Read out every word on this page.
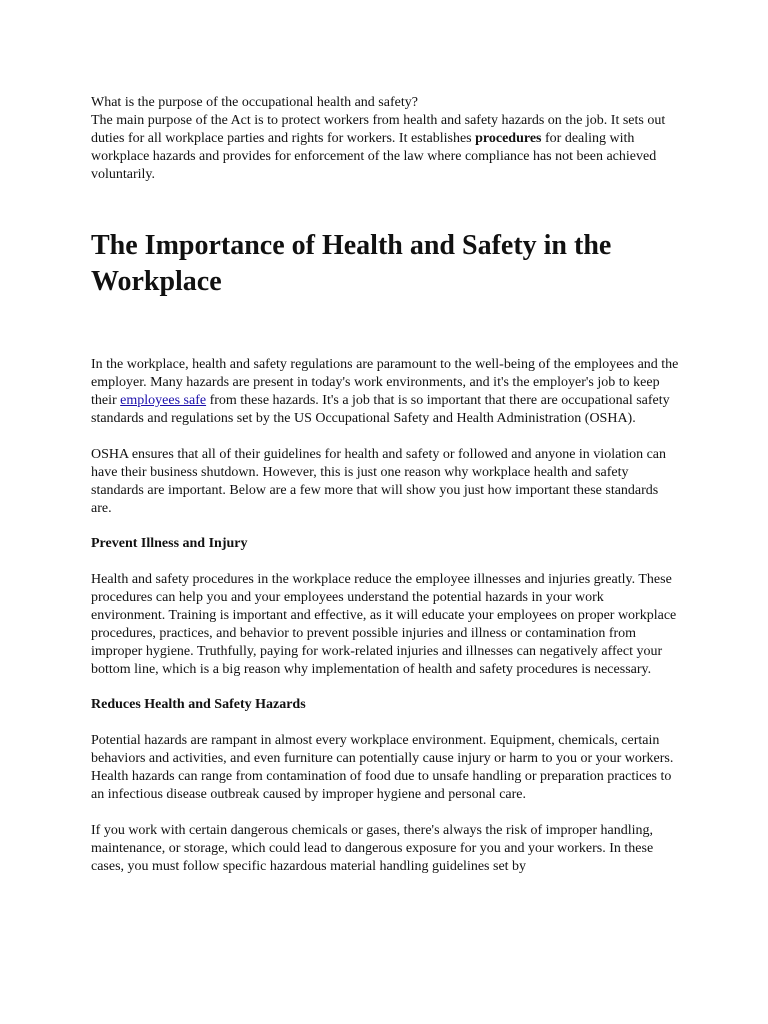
What is the purpose of the occupational health and safety?

The main purpose of the Act is to protect workers from health and safety hazards on the job. It sets out duties for all workplace parties and rights for workers. It establishes procedures for dealing with workplace hazards and provides for enforcement of the law where compliance has not been achieved voluntarily.

The Importance of Health and Safety in the Workplace

In the workplace, health and safety regulations are paramount to the well-being of the employees and the employer. Many hazards are present in today's work environments, and it's the employer's job to keep their employees safe from these hazards. It's a job that is so important that there are occupational safety standards and regulations set by the US Occupational Safety and Health Administration (OSHA).

OSHA ensures that all of their guidelines for health and safety or followed and anyone in violation can have their business shutdown. However, this is just one reason why workplace health and safety standards are important. Below are a few more that will show you just how important these standards are.

Prevent Illness and Injury

Health and safety procedures in the workplace reduce the employee illnesses and injuries greatly. These procedures can help you and your employees understand the potential hazards in your work environment. Training is important and effective, as it will educate your employees on proper workplace procedures, practices, and behavior to prevent possible injuries and illness or contamination from improper hygiene. Truthfully, paying for work-related injuries and illnesses can negatively affect your bottom line, which is a big reason why implementation of health and safety procedures is necessary.

Reduces Health and Safety Hazards

Potential hazards are rampant in almost every workplace environment. Equipment, chemicals, certain behaviors and activities, and even furniture can potentially cause injury or harm to you or your workers. Health hazards can range from contamination of food due to unsafe handling or preparation practices to an infectious disease outbreak caused by improper hygiene and personal care.

If you work with certain dangerous chemicals or gases, there's always the risk of improper handling, maintenance, or storage, which could lead to dangerous exposure for you and your workers. In these cases, you must follow specific hazardous material handling guidelines set by
